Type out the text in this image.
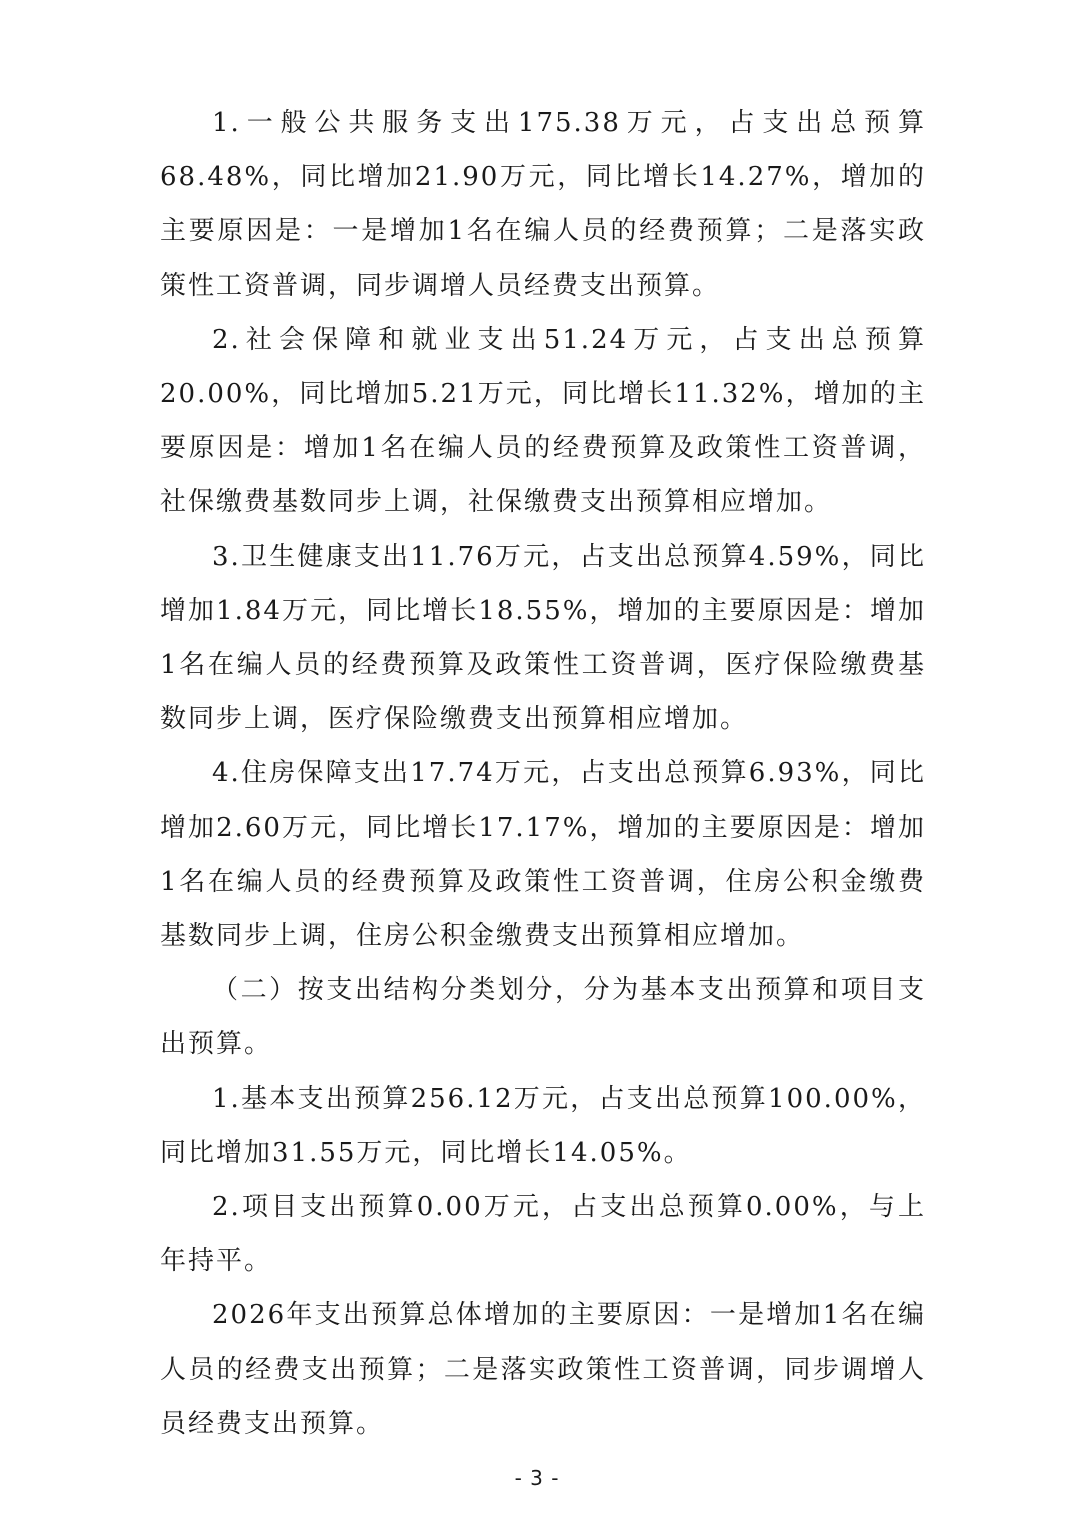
1.一般公共服务支出175.38万元，占支出总预算68.48%，同比增加21.90万元，同比增长14.27%，增加的主要原因是：一是增加1名在编人员的经费预算；二是落实政策性工资普调，同步调增人员经费支出预算。

2.社会保障和就业支出51.24万元，占支出总预算20.00%，同比增加5.21万元，同比增长11.32%，增加的主要原因是：增加1名在编人员的经费预算及政策性工资普调，社保缴费基数同步上调，社保缴费支出预算相应增加。

3.卫生健康支出11.76万元，占支出总预算4.59%，同比增加1.84万元，同比增长18.55%，增加的主要原因是：增加1名在编人员的经费预算及政策性工资普调，医疗保险缴费基数同步上调，医疗保险缴费支出预算相应增加。

4.住房保障支出17.74万元，占支出总预算6.93%，同比增加2.60万元，同比增长17.17%，增加的主要原因是：增加1名在编人员的经费预算及政策性工资普调，住房公积金缴费基数同步上调，住房公积金缴费支出预算相应增加。

（二）按支出结构分类划分，分为基本支出预算和项目支出预算。

1.基本支出预算256.12万元，占支出总预算100.00%，同比增加31.55万元，同比增长14.05%。

2.项目支出预算0.00万元，占支出总预算0.00%，与上年持平。

2026年支出预算总体增加的主要原因：一是增加1名在编人员的经费支出预算；二是落实政策性工资普调，同步调增人员经费支出预算。

- 3 -
